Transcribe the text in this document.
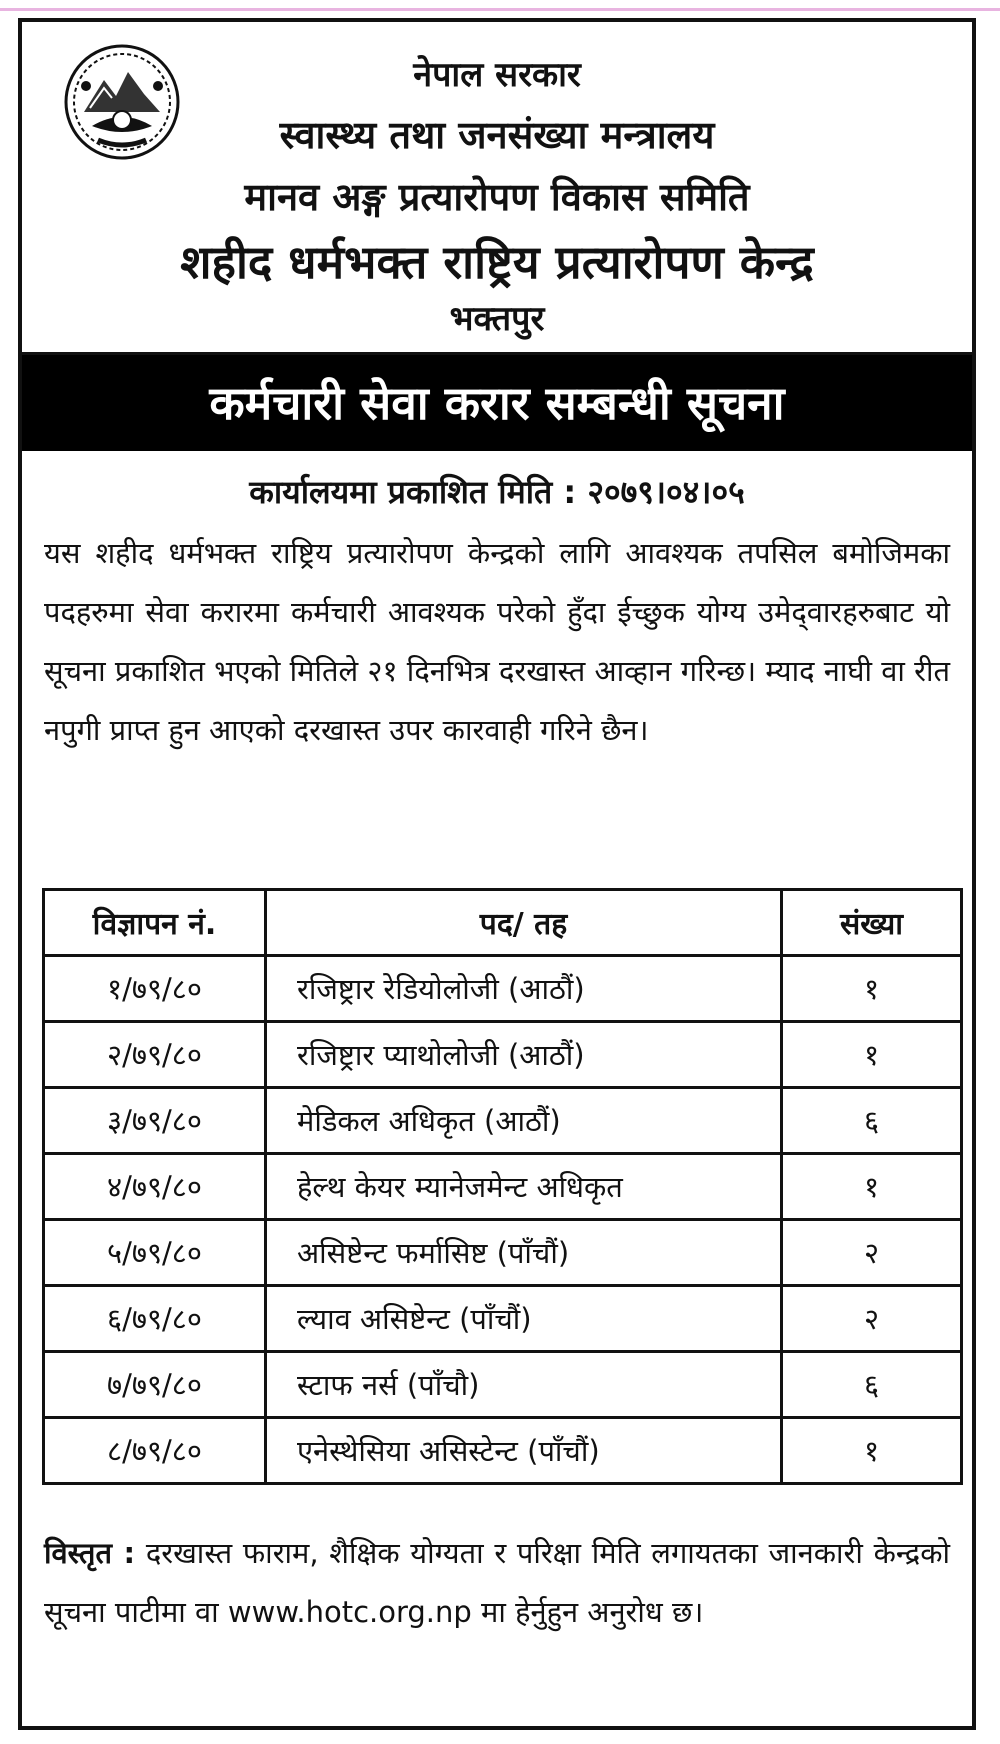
नेपाल सरकार
स्वास्थ्य तथा जनसंख्या मन्त्रालय
मानव अङ्ग प्रत्यारोपण विकास समिति
शहीद धर्मभक्त राष्ट्रिय प्रत्यारोपण केन्द्र
भक्तपुर
कर्मचारी सेवा करार सम्बन्धी सूचना
कार्यालयमा प्रकाशित मिति : २०७९।०४।०५
यस शहीद धर्मभक्त राष्ट्रिय प्रत्यारोपण केन्द्रको लागि आवश्यक तपसिल बमोजिमका पदहरुमा सेवा करारमा कर्मचारी आवश्यक परेको हुँदा ईच्छुक योग्य उमेद्‌वारहरुबाट यो सूचना प्रकाशित भएको मितिले २१ दिनभित्र दरखास्त आव्हान गरिन्छ। म्याद नाघी वा रीत नपुगी प्राप्त हुन आएको दरखास्त उपर कारवाही गरिने छैन।
विज्ञापन नं.	पद/ तह	संख्या
१/७९/८०	रजिष्ट्रार रेडियोलोजी (आठौं)	१
२/७९/८०	रजिष्ट्रार प्याथोलोजी (आठौं)	१
३/७९/८०	मेडिकल अधिकृत (आठौं)	६
४/७९/८०	हेल्थ केयर म्यानेजमेन्ट अधिकृत	१
५/७९/८०	असिष्टेन्ट फर्मासिष्ट (पाँचौं)	२
६/७९/८०	ल्याव असिष्टेन्ट (पाँचौं)	२
७/७९/८०	स्टाफ नर्स (पाँचौ)	६
८/७९/८०	एनेस्थेसिया असिस्टेन्ट (पाँचौं)	१
विस्तृत : दरखास्त फाराम, शैक्षिक योग्यता र परिक्षा मिति लगायतका जानकारी केन्द्रको सूचना पाटीमा वा www.hotc.org.np मा हेर्नुहुन अनुरोध छ।
